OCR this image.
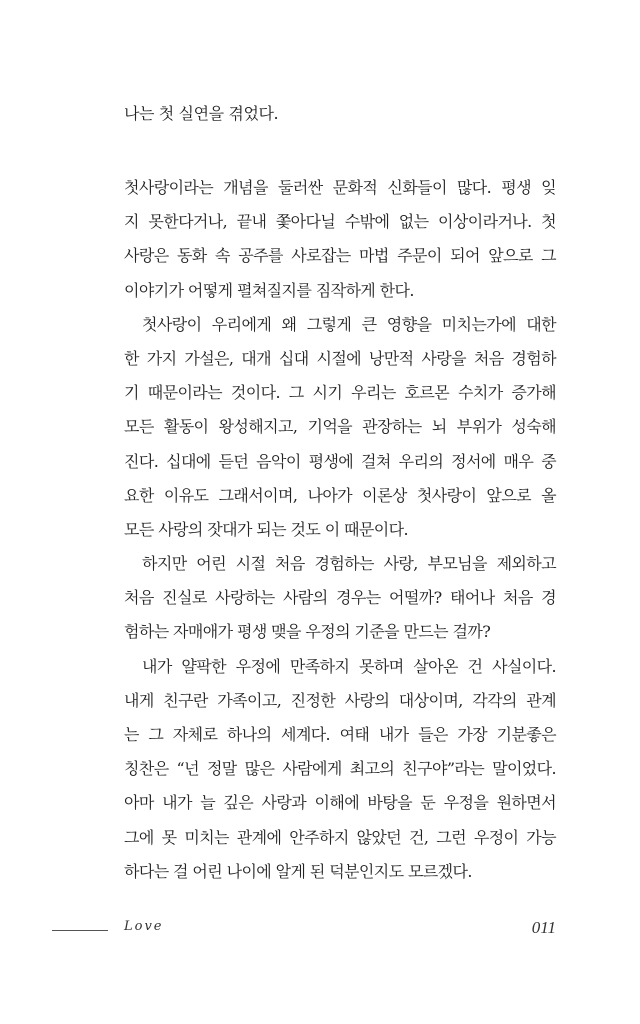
나는 첫 실연을 겪었다.
첫사랑이라는 개념을 둘러싼 문화적 신화들이 많다. 평생 잊
지 못한다거나, 끝내 쫓아다닐 수밖에 없는 이상이라거나. 첫
사랑은 동화 속 공주를 사로잡는 마법 주문이 되어 앞으로 그
이야기가 어떻게 펼쳐질지를 짐작하게 한다.
첫사랑이 우리에게 왜 그렇게 큰 영향을 미치는가에 대한
한 가지 가설은, 대개 십대 시절에 낭만적 사랑을 처음 경험하
기 때문이라는 것이다. 그 시기 우리는 호르몬 수치가 증가해
모든 활동이 왕성해지고, 기억을 관장하는 뇌 부위가 성숙해
진다. 십대에 듣던 음악이 평생에 걸쳐 우리의 정서에 매우 중
요한 이유도 그래서이며, 나아가 이론상 첫사랑이 앞으로 올
모든 사랑의 잣대가 되는 것도 이 때문이다.
하지만 어린 시절 처음 경험하는 사랑, 부모님을 제외하고
처음 진실로 사랑하는 사람의 경우는 어떨까? 태어나 처음 경
험하는 자매애가 평생 맺을 우정의 기준을 만드는 걸까?
내가 얄팍한 우정에 만족하지 못하며 살아온 건 사실이다.
내게 친구란 가족이고, 진정한 사랑의 대상이며, 각각의 관계
는 그 자체로 하나의 세계다. 여태 내가 들은 가장 기분좋은
칭찬은 “넌 정말 많은 사람에게 최고의 친구야”라는 말이었다.
아마 내가 늘 깊은 사랑과 이해에 바탕을 둔 우정을 원하면서
그에 못 미치는 관계에 안주하지 않았던 건, 그런 우정이 가능
하다는 걸 어린 나이에 알게 된 덕분인지도 모르겠다.
Love	011
